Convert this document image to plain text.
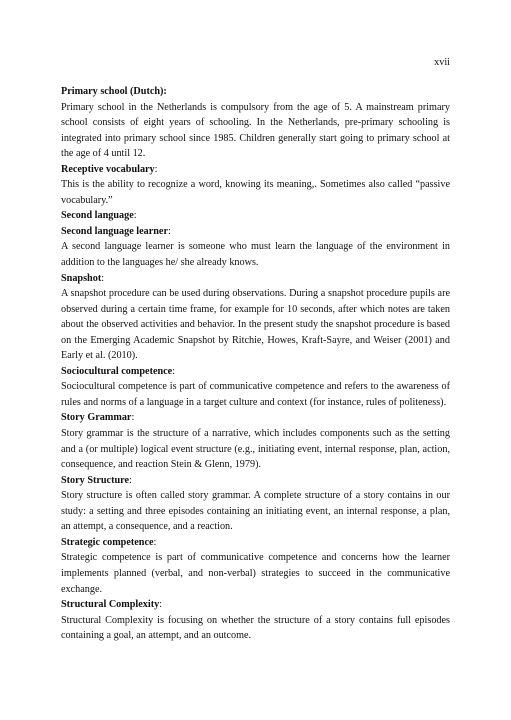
xvii
Primary school (Dutch):

Primary school in the Netherlands is compulsory from the age of 5. A mainstream primary school consists of eight years of schooling. In the Netherlands, pre-primary schooling is integrated into primary school since 1985. Children generally start going to primary school at the age of 4 until 12.

Receptive vocabulary:

This is the ability to recognize a word, knowing its meaning,. Sometimes also called “passive vocabulary.”

Second language:
Second language learner:

A second language learner is someone who must learn the language of the environment in addition to the languages he/ she already knows.

Snapshot:

A snapshot procedure can be used during observations. During a snapshot procedure pupils are observed during a certain time frame, for example for 10 seconds, after which notes are taken about the observed activities and behavior. In the present study the snapshot procedure is based on the Emerging Academic Snapshot by Ritchie, Howes, Kraft-Sayre, and Weiser (2001) and Early et al. (2010).

Sociocultural competence:

Sociocultural competence is part of communicative competence and refers to the awareness of rules and norms of a language in a target culture and context (for instance, rules of politeness).

Story Grammar:

Story grammar is the structure of a narrative, which includes components such as the setting and a (or multiple) logical event structure (e.g., initiating event, internal response, plan, action, consequence, and reaction Stein & Glenn, 1979).

Story Structure:

Story structure is often called story grammar. A complete structure of a story contains in our study: a setting and three episodes containing an initiating event, an internal response, a plan, an attempt, a consequence, and a reaction.

Strategic competence:

Strategic competence is part of communicative competence and concerns how the learner implements planned (verbal, and non-verbal) strategies to succeed in the communicative exchange.

Structural Complexity:

Structural Complexity is focusing on whether the structure of a story contains full episodes containing a goal, an attempt, and an outcome.
